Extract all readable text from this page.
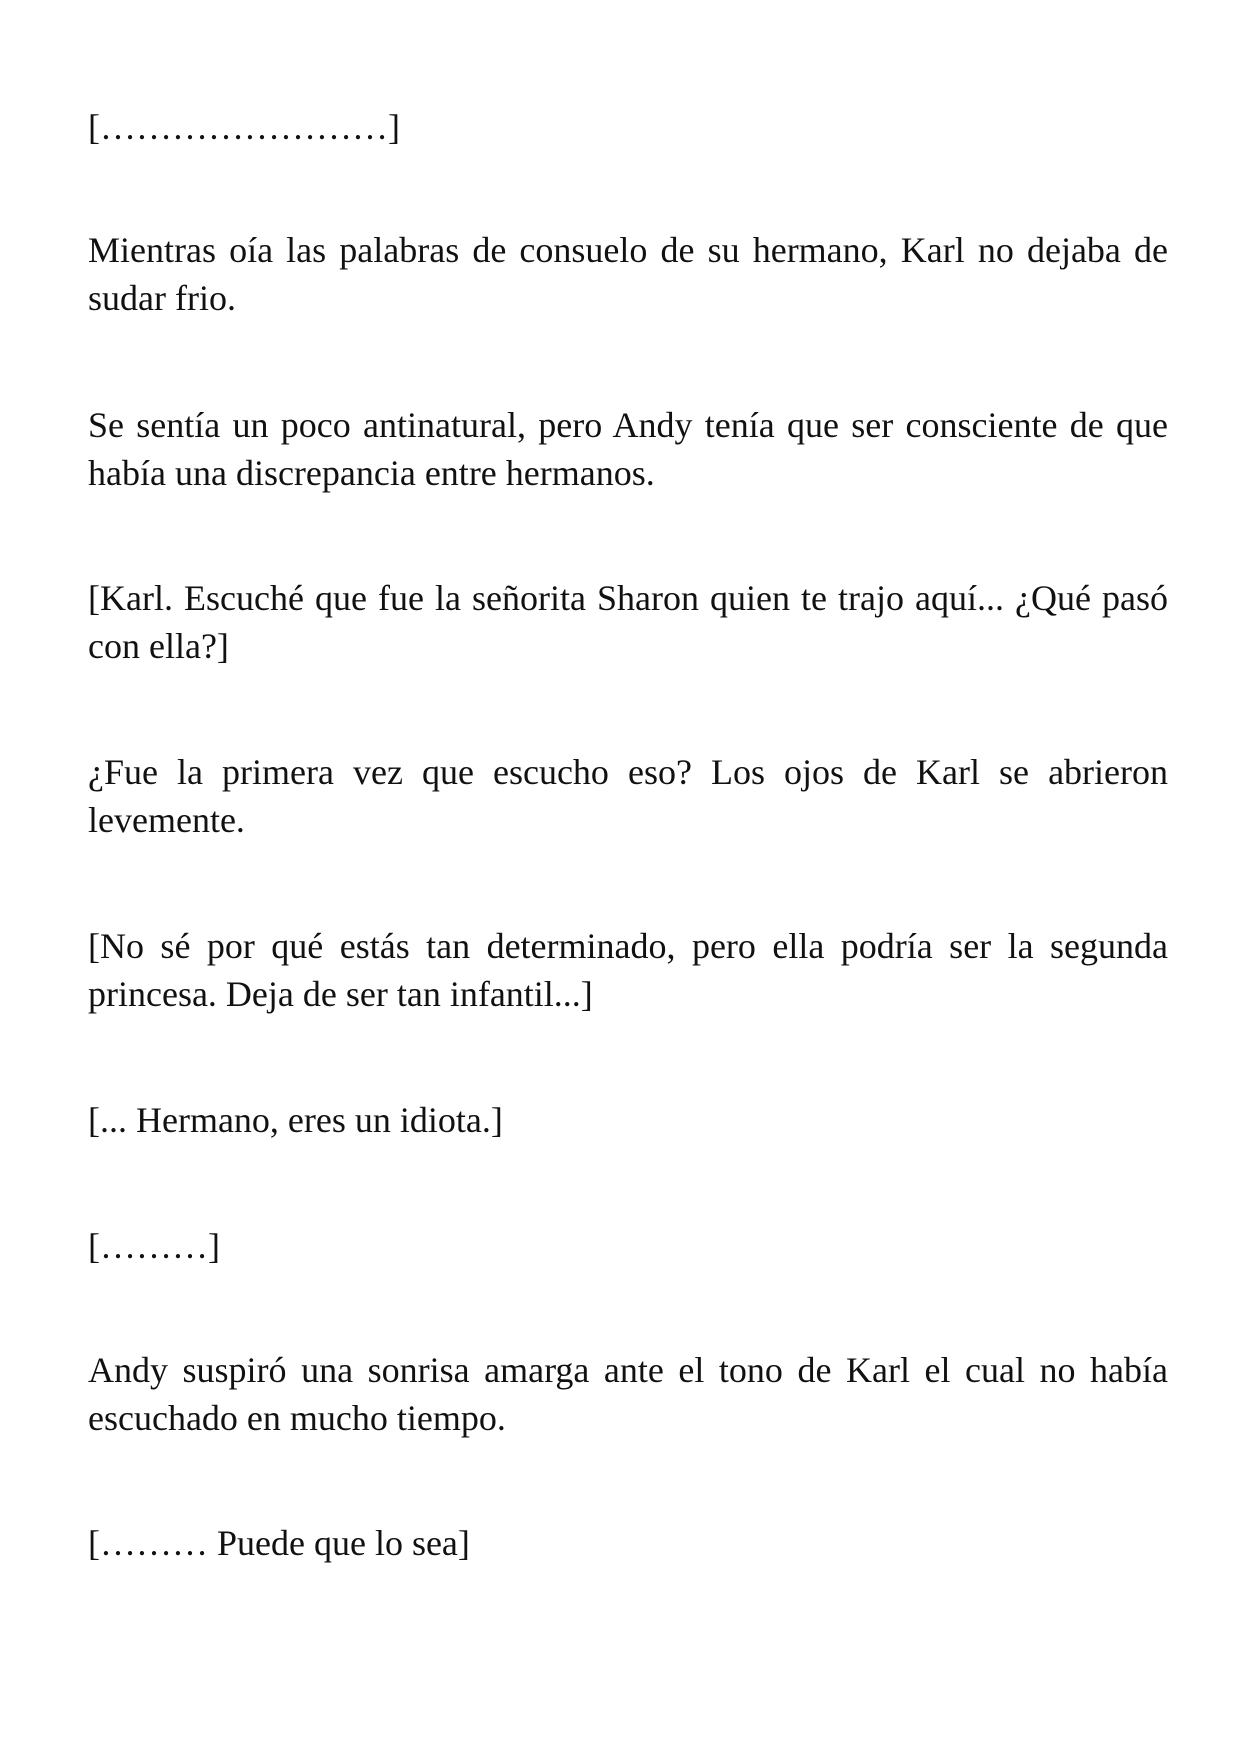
[……………………]

Mientras oía las palabras de consuelo de su hermano, Karl no dejaba de sudar frio.

Se sentía un poco antinatural, pero Andy tenía que ser consciente de que había una discrepancia entre hermanos.

[Karl. Escuché que fue la señorita Sharon quien te trajo aquí... ¿Qué pasó con ella?]

¿Fue la primera vez que escucho eso? Los ojos de Karl se abrieron levemente.

[No sé por qué estás tan determinado, pero ella podría ser la segunda princesa. Deja de ser tan infantil...]

[... Hermano, eres un idiota.]

[………]

Andy suspiró una sonrisa amarga ante el tono de Karl el cual no había escuchado en mucho tiempo.

[……… Puede que lo sea]
